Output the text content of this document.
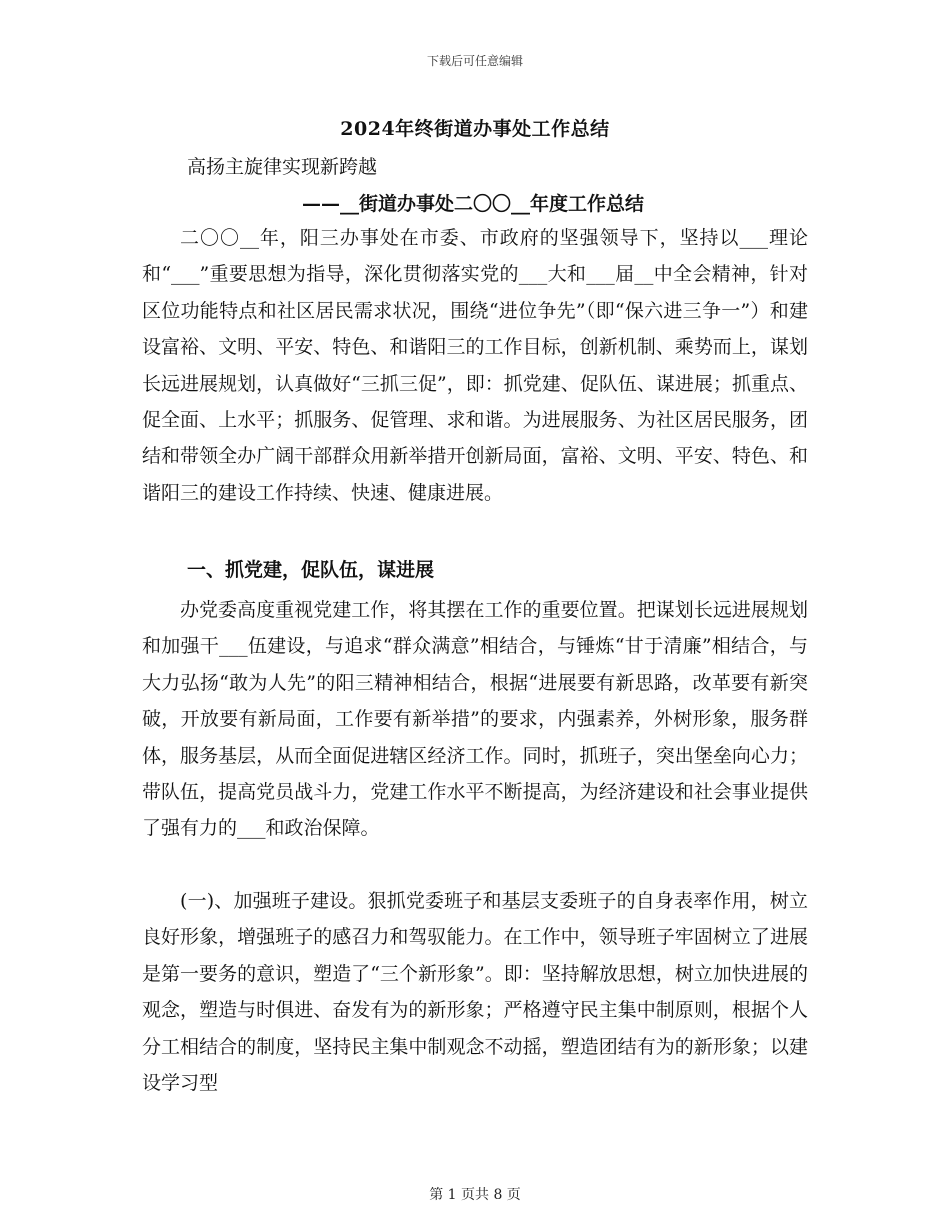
下载后可任意编辑
2024年终街道办事处工作总结
高扬主旋律实现新跨越
——__街道办事处二〇〇__年度工作总结

二〇〇__年，阳三办事处在市委、市政府的坚强领导下，坚持以___理论和“___”重要思想为指导，深化贯彻落实党的___大和___届__中全会精神，针对区位功能特点和社区居民需求状况，围绕“进位争先”（即“保六进三争一”）和建设富裕、文明、平安、特色、和谐阳三的工作目标，创新机制、乘势而上，谋划长远进展规划，认真做好“三抓三促”，即：抓党建、促队伍、谋进展；抓重点、促全面、上水平；抓服务、促管理、求和谐。为进展服务、为社区居民服务，团结和带领全办广阔干部群众用新举措开创新局面，富裕、文明、平安、特色、和谐阳三的建设工作持续、快速、健康进展。

一、抓党建，促队伍，谋进展

办党委高度重视党建工作，将其摆在工作的重要位置。把谋划长远进展规划和加强干___伍建设，与追求“群众满意”相结合，与锤炼“甘于清廉”相结合，与大力弘扬“敢为人先”的阳三精神相结合，根据“进展要有新思路，改革要有新突破，开放要有新局面，工作要有新举措”的要求，内强素养，外树形象，服务群体，服务基层，从而全面促进辖区经济工作。同时，抓班子，突出堡垒向心力；带队伍，提高党员战斗力，党建工作水平不断提高，为经济建设和社会事业提供了强有力的___和政治保障。

(一)、加强班子建设。狠抓党委班子和基层支委班子的自身表率作用，树立良好形象，增强班子的感召力和驾驭能力。在工作中，领导班子牢固树立了进展是第一要务的意识，塑造了“三个新形象”。即：坚持解放思想，树立加快进展的观念，塑造与时俱进、奋发有为的新形象；严格遵守民主集中制原则，根据个人分工相结合的制度，坚持民主集中制观念不动摇，塑造团结有为的新形象；以建设学习型

第 1 页共 8 页
